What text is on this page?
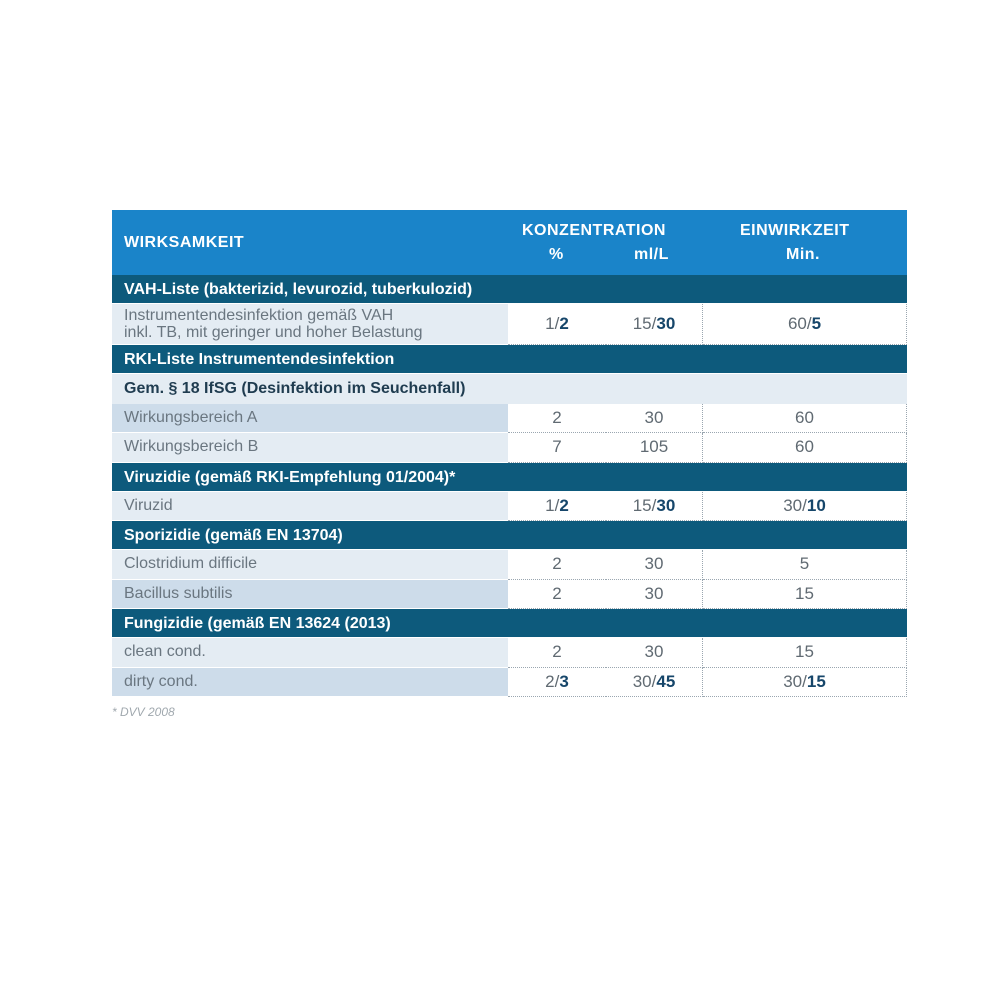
WIRKSAMKEIT
KONZENTRATION
%	ml/L
EINWIRKZEIT
Min.
VAH-Liste (bakterizid, levurozid, tuberkulozid)
Instrumentendesinfektion gemäß VAH
inkl. TB, mit geringer und hoher Belastung	1/ 2	15/ 30	60/ 5
RKI-Liste Instrumentendesinfektion
Gem. § 18 IfSG (Desinfektion im Seuchenfall)
Wirkungsbereich A	2	30	60
Wirkungsbereich B	7	105	60
Viruzidie (gemäß RKI-Empfehlung 01/2004)*
Viruzid	1/ 2	15/ 30	30/ 10
Sporizidie (gemäß EN 13704)
Clostridium difficile	2	30	5
Bacillus subtilis	2	30	15
Fungizidie (gemäß EN 13624 (2013)
clean cond.	2	30	15
dirty cond.	2/ 3	30/ 45	30/ 15
* DVV 2008
